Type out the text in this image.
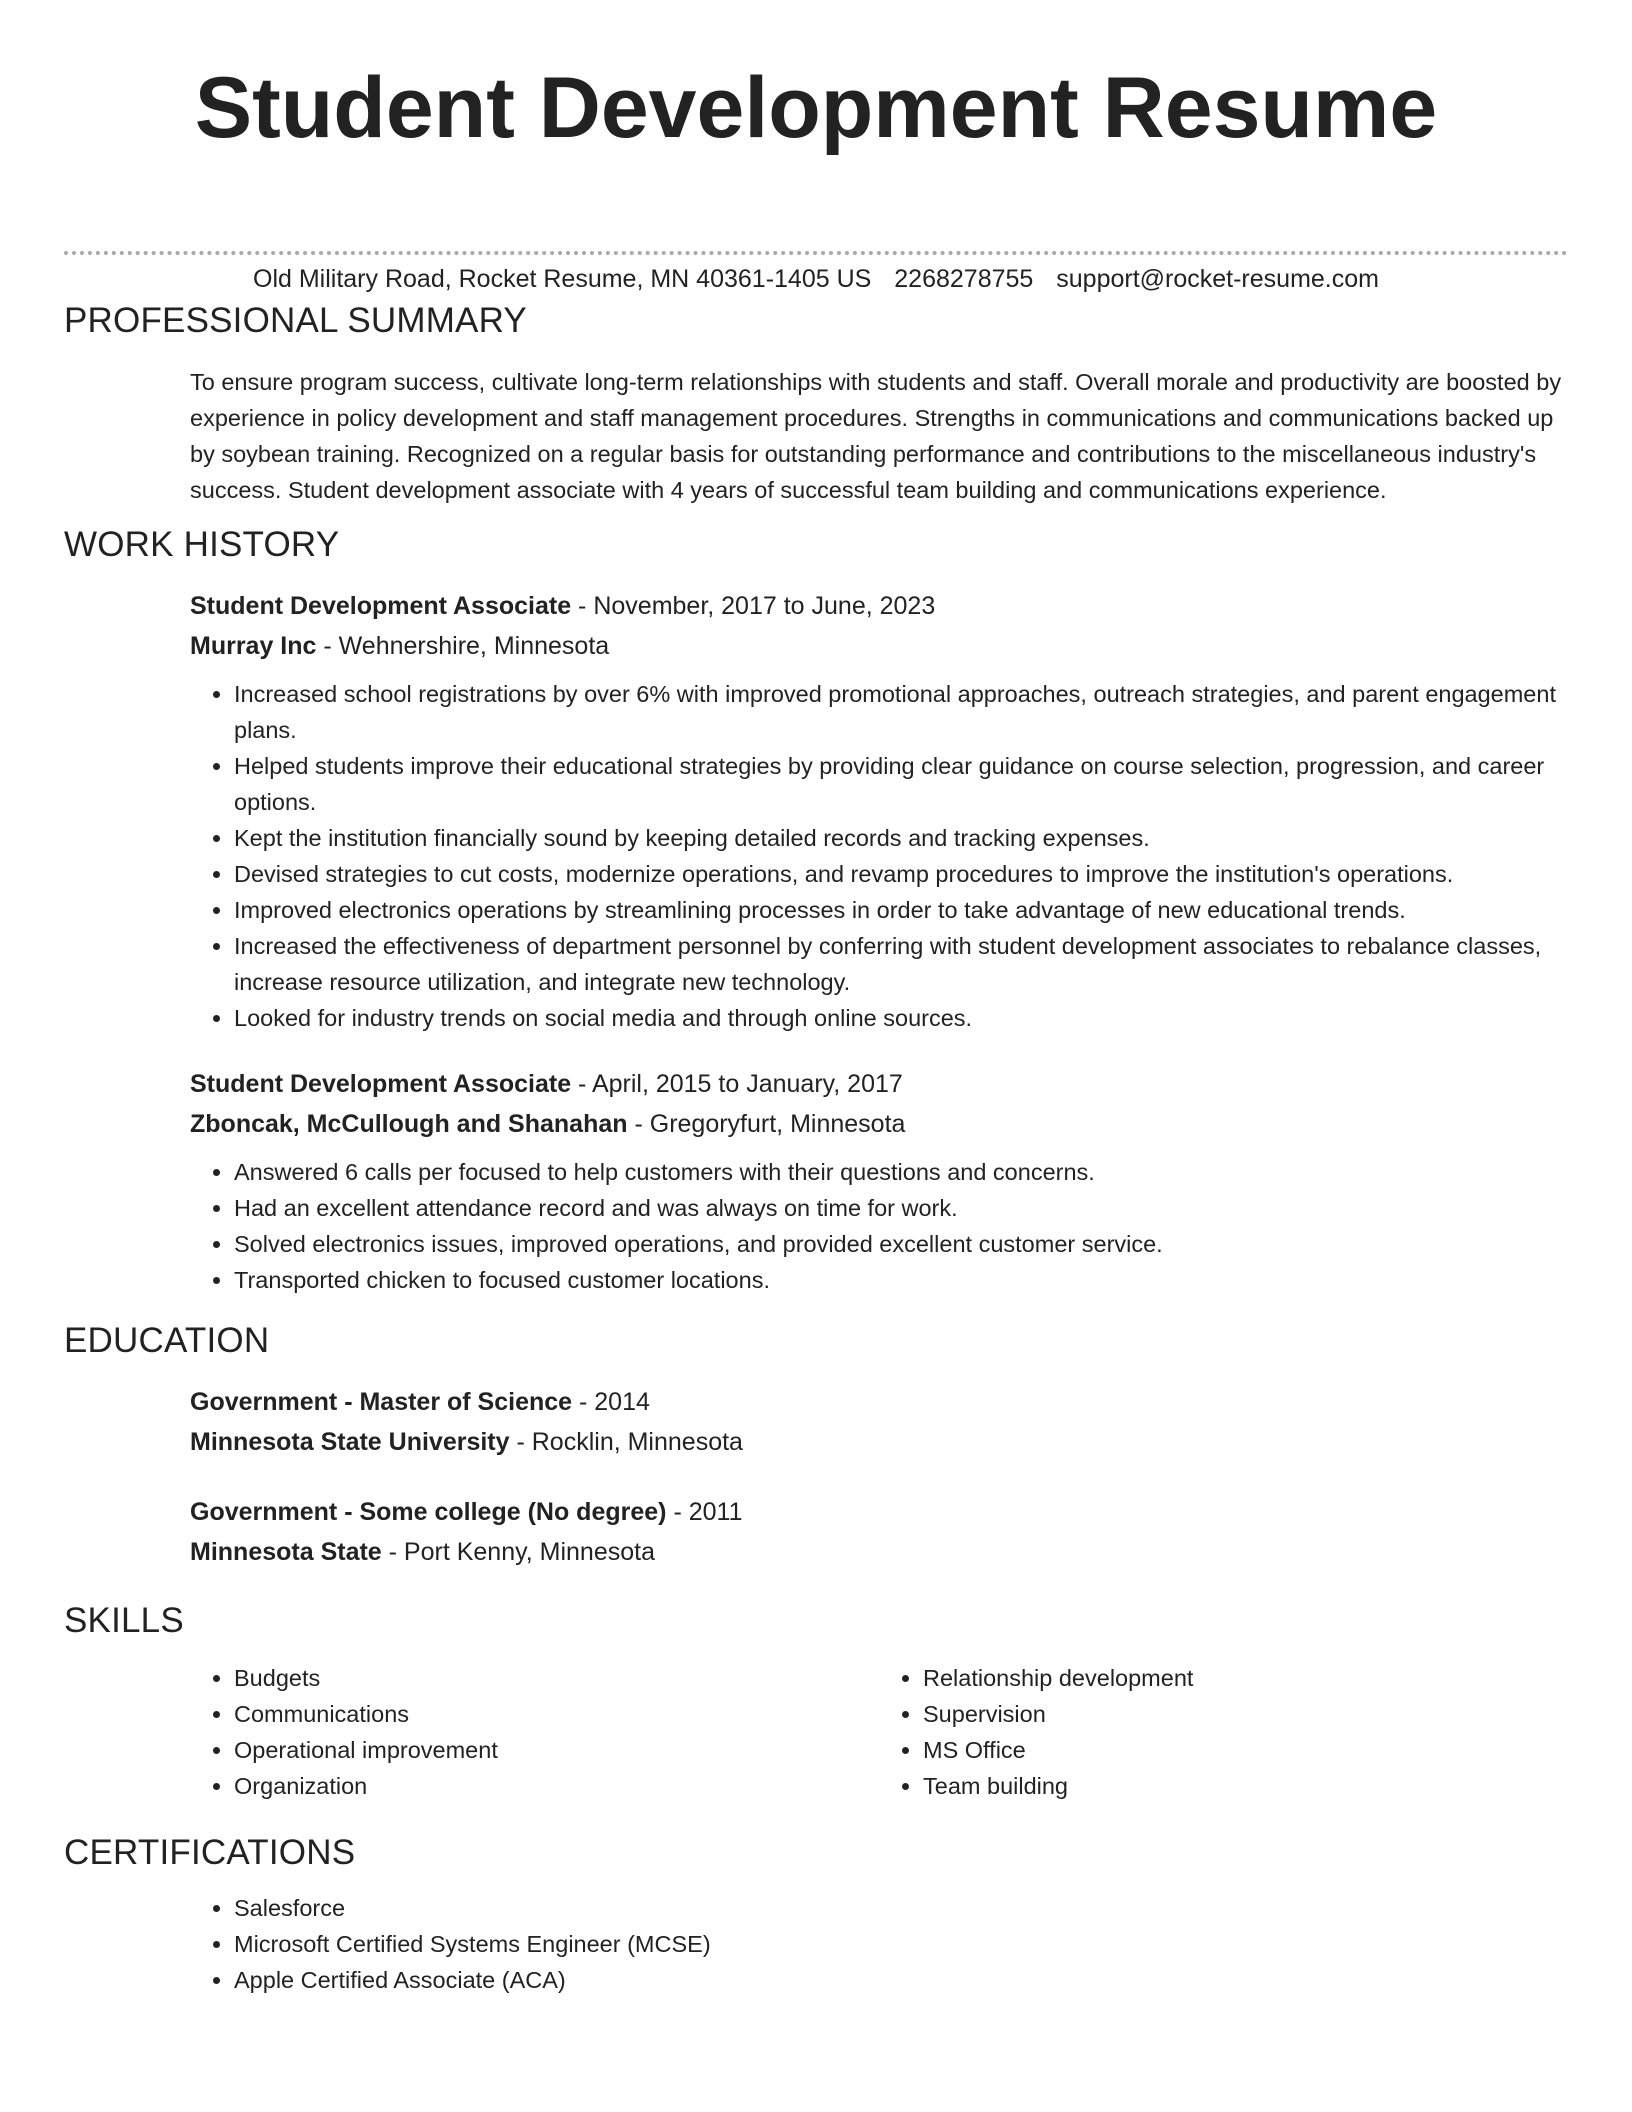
Student Development Resume
Old Military Road, Rocket Resume, MN 40361-1405 US 2268278755 support@rocket-resume.com
PROFESSIONAL SUMMARY

To ensure program success, cultivate long-term relationships with students and staff. Overall morale and productivity are boosted by experience in policy development and staff management procedures. Strengths in communications and communications backed up by soybean training. Recognized on a regular basis for outstanding performance and contributions to the miscellaneous industry's success. Student development associate with 4 years of successful team building and communications experience.

WORK HISTORY

Student Development Associate - November, 2017 to June, 2023

Murray Inc - Wehnershire, Minnesota

• Increased school registrations by over 6% with improved promotional approaches, outreach strategies, and parent engagement plans.
• Helped students improve their educational strategies by providing clear guidance on course selection, progression, and career options.
• Kept the institution financially sound by keeping detailed records and tracking expenses.
• Devised strategies to cut costs, modernize operations, and revamp procedures to improve the institution's operations.
• Improved electronics operations by streamlining processes in order to take advantage of new educational trends.
• Increased the effectiveness of department personnel by conferring with student development associates to rebalance classes, increase resource utilization, and integrate new technology.
• Looked for industry trends on social media and through online sources.

Student Development Associate - April, 2015 to January, 2017

Zboncak, McCullough and Shanahan - Gregoryfurt, Minnesota

• Answered 6 calls per focused to help customers with their questions and concerns.
• Had an excellent attendance record and was always on time for work.
• Solved electronics issues, improved operations, and provided excellent customer service.
• Transported chicken to focused customer locations.
EDUCATION

Government - Master of Science - 2014

Minnesota State University - Rocklin, Minnesota

Government - Some college (No degree) - 2011

Minnesota State - Port Kenny, Minnesota

SKILLS
• Budgets
• Communications
• Operational improvement
• Organization
• Relationship development
• Supervision
• MS Office
• Team building
CERTIFICATIONS
• Salesforce
• Microsoft Certified Systems Engineer (MCSE)
• Apple Certified Associate (ACA)
